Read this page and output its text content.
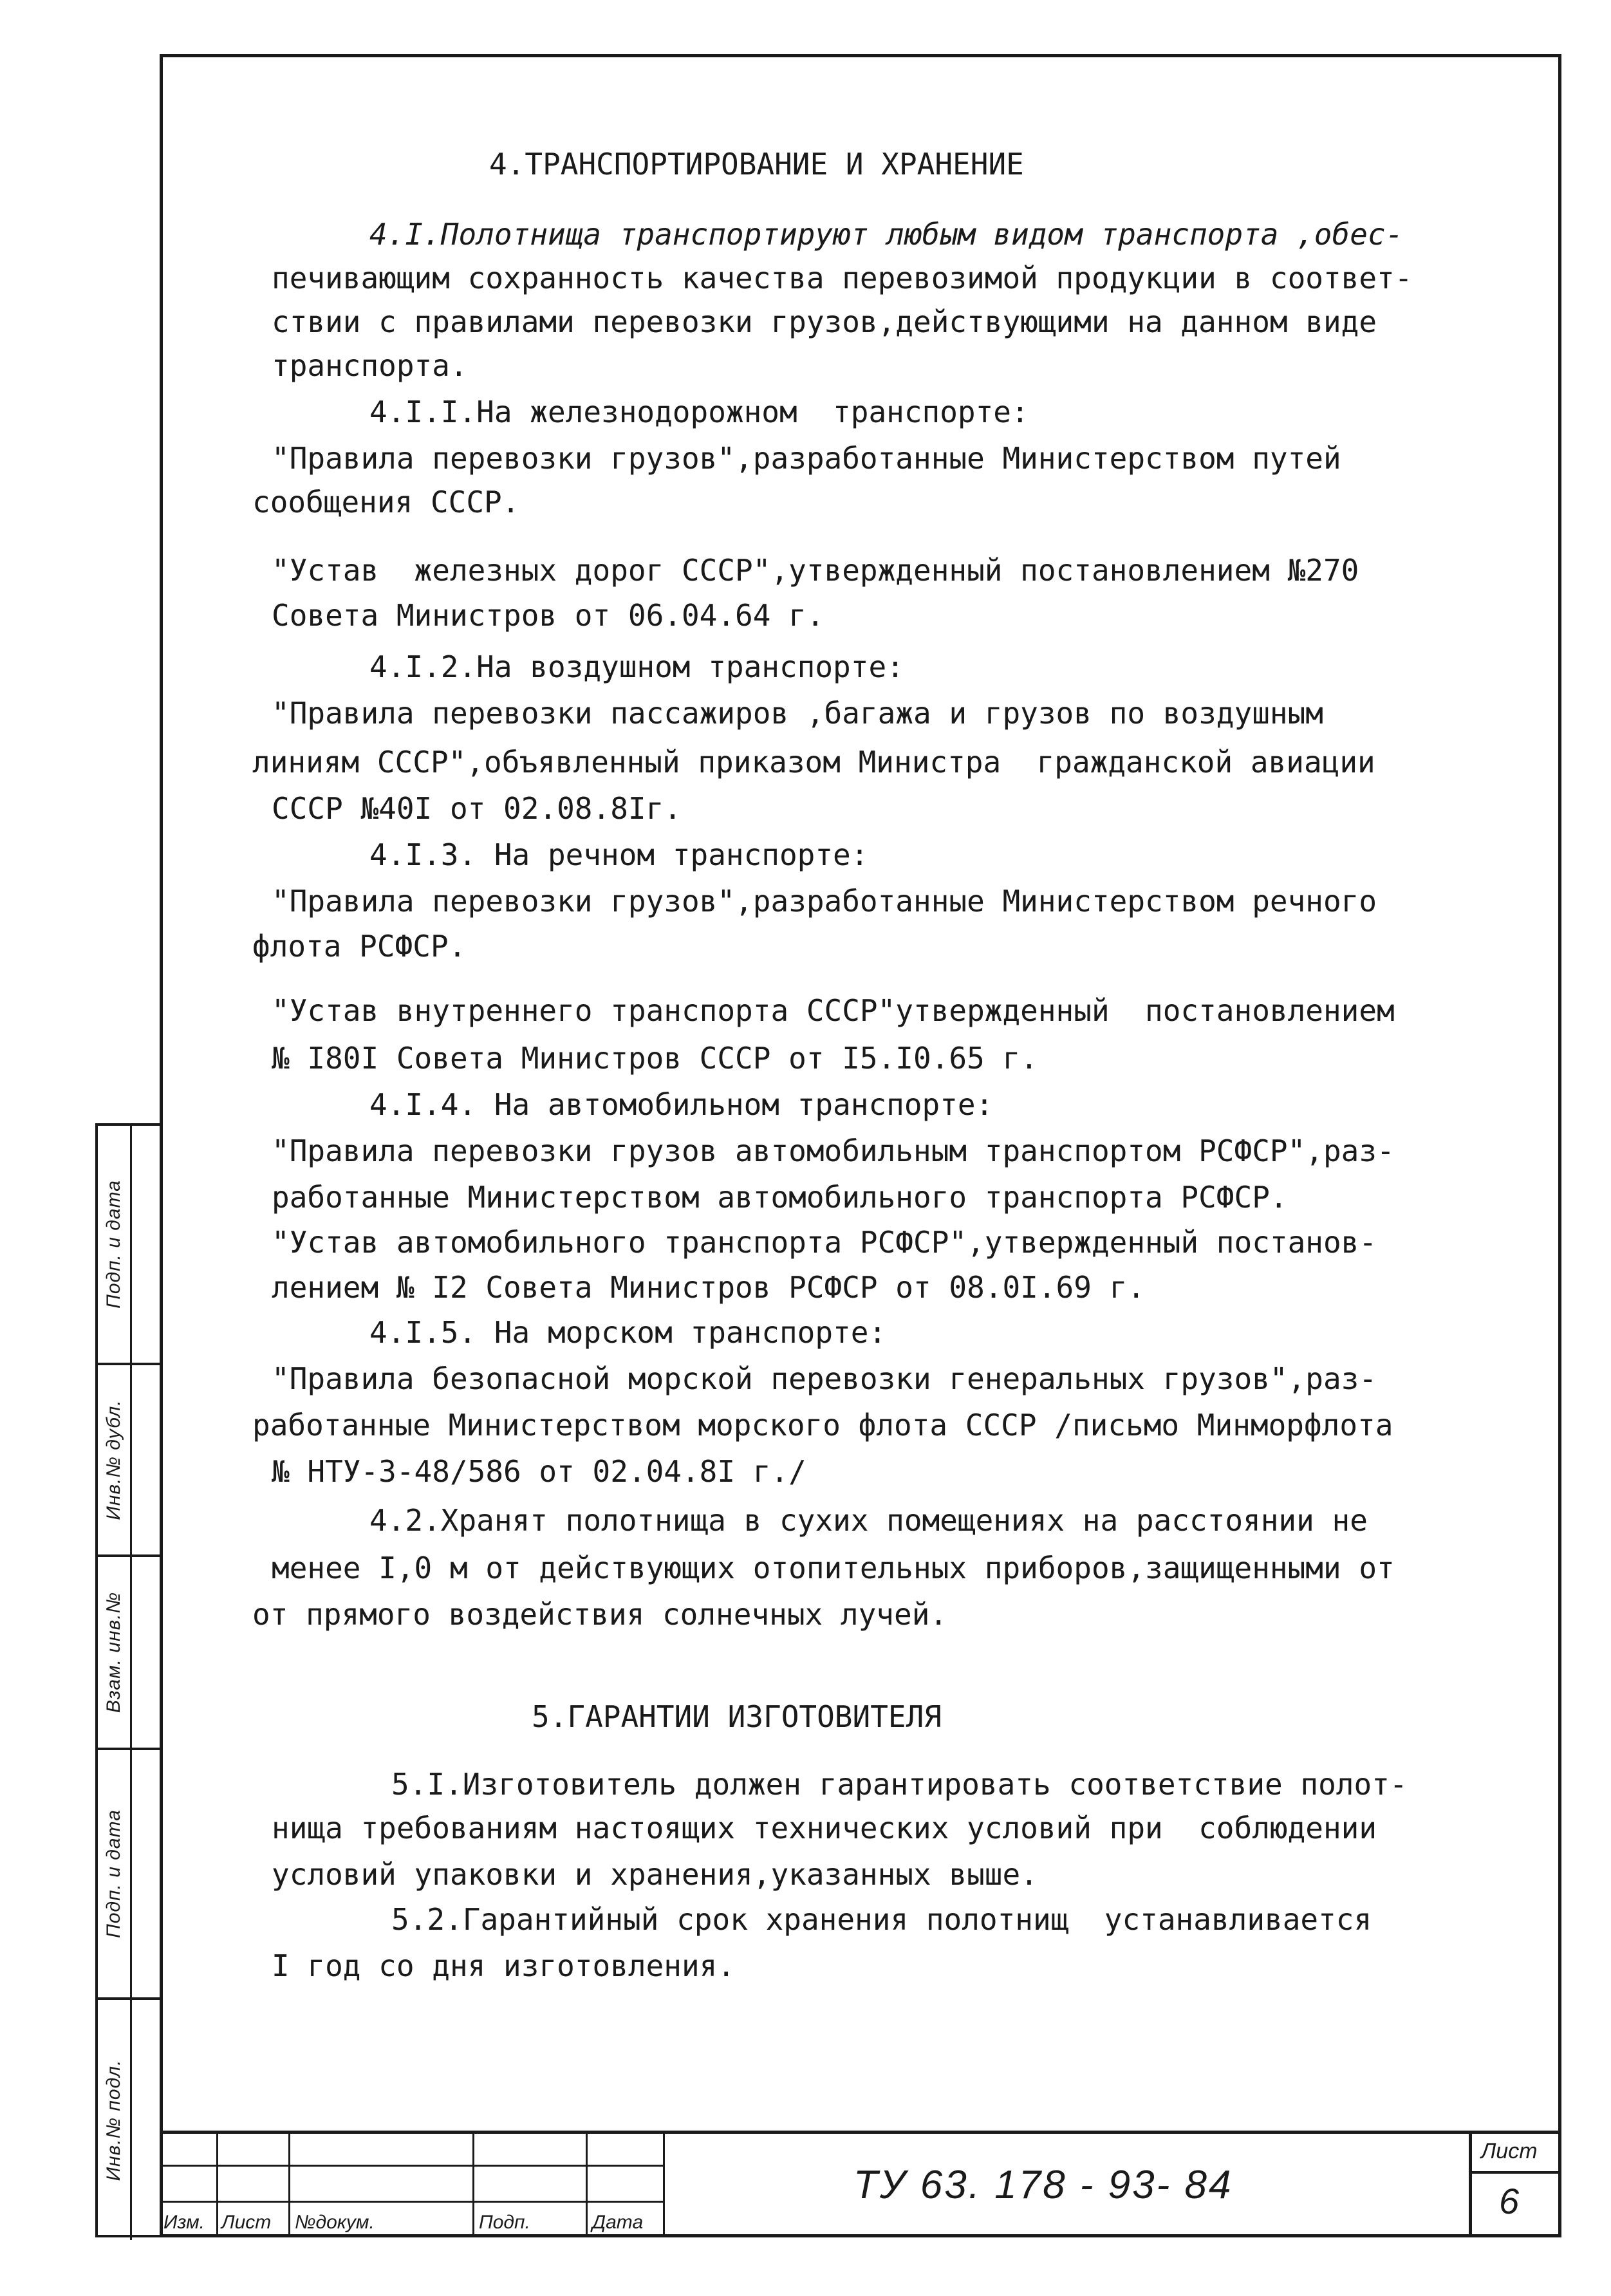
Подп. и дата
Инв.№ дубл.
Взам. инв.№
Подп. и дата
Инв.№ подл.
4.ТРАНСПОРТИРОВАНИЕ И ХРАНЕНИЕ
4.I.Полотнища транспортируют любым видом транспорта ,обес-
печивающим сохранность качества перевозимой продукции в соответ-
ствии с правилами перевозки грузов,действующими на данном виде
транспорта.
4.I.I.На железнодорожном  транспорте:
"Правила перевозки грузов",разработанные Министерством путей
сообщения СССР.
"Устав  железных дорог СССР",утвержденный постановлением №270
Совета Министров от 06.04.64 г.
4.I.2.На воздушном транспорте:
"Правила перевозки пассажиров ,багажа и грузов по воздушным
линиям СССР",объявленный приказом Министра  гражданской авиации
СССР №40I от 02.08.8Iг.
4.I.3. На речном транспорте:
"Правила перевозки грузов",разработанные Министерством речного
флота РСФСР.
"Устав внутреннего транспорта СССР"утвержденный  постановлением
№ I80I Совета Министров СССР от I5.I0.65 г.
4.I.4. На автомобильном транспорте:
"Правила перевозки грузов автомобильным транспортом РСФСР",раз-
работанные Министерством автомобильного транспорта РСФСР.
"Устав автомобильного транспорта РСФСР",утвержденный постанов-
лением № I2 Совета Министров РСФСР от 08.0I.69 г.
4.I.5. На морском транспорте:
"Правила безопасной морской перевозки генеральных грузов",раз-
работанные Министерством морского флота СССР /письмо Минморфлота
№ НТУ-3-48/586 от 02.04.8I г./
4.2.Хранят полотнища в сухих помещениях на расстоянии не
менее I,0 м от действующих отопительных приборов,защищенными от
от прямого воздействия солнечных лучей.
5.ГАРАНТИИ ИЗГОТОВИТЕЛЯ
5.I.Изготовитель должен гарантировать соответствие полот-
нища требованиям настоящих технических условий при  соблюдении
условий упаковки и хранения,указанных выше.
5.2.Гарантийный срок хранения полотнищ  устанавливается
I год со дня изготовления.
Изм. Лист №докум.	Подп.	Дата
ТУ 63. 178 - 93- 84
Лист
6
